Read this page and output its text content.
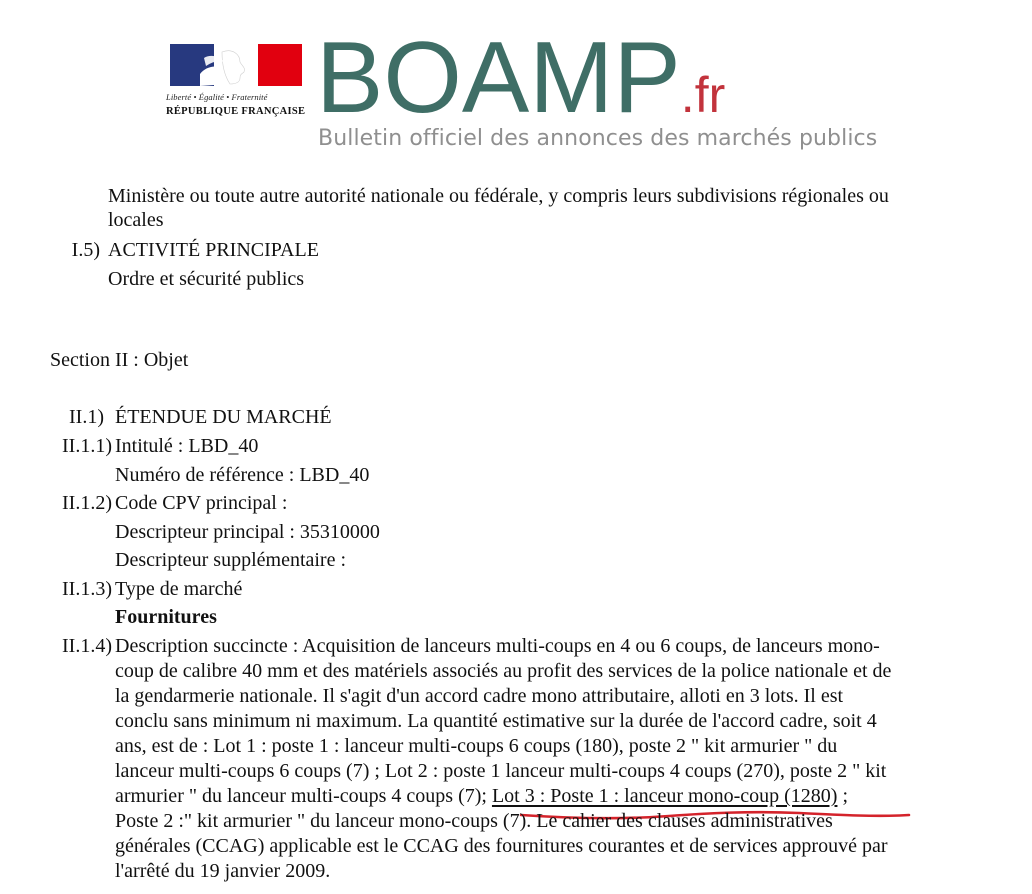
Liberté • Égalité • Fraternité
RÉPUBLIQUE FRANÇAISE BOAMP.fr
Bulletin officiel des annonces des marchés publics
Ministère ou toute autre autorité nationale ou fédérale, y compris leurs subdivisions régionales ou
locales
I.5) ACTIVITÉ PRINCIPALE
Ordre et sécurité publics
Section II : Objet
II.1) ÉTENDUE DU MARCHÉ
II.1.1) Intitulé : LBD_40
Numéro de référence : LBD_40
II.1.2) Code CPV principal :
Descripteur principal : 35310000
Descripteur supplémentaire :
II.1.3) Type de marché
Fournitures
II.1.4) Description succincte : Acquisition de lanceurs multi-coups en 4 ou 6 coups, de lanceurs mono-
coup de calibre 40 mm et des matériels associés au profit des services de la police nationale et de
la gendarmerie nationale. Il s'agit d'un accord cadre mono attributaire, alloti en 3 lots. Il est
conclu sans minimum ni maximum. La quantité estimative sur la durée de l'accord cadre, soit 4
ans, est de : Lot 1 : poste 1 : lanceur multi-coups 6 coups (180), poste 2 " kit armurier " du
lanceur multi-coups 6 coups (7) ; Lot 2 : poste 1 lanceur multi-coups 4 coups (270), poste 2 " kit
armurier " du lanceur multi-coups 4 coups (7); Lot 3 : Poste 1 : lanceur mono-coup (1280) ;
Poste 2 :" kit armurier " du lanceur mono-coups (7). Le cahier des clauses administratives
générales (CCAG) applicable est le CCAG des fournitures courantes et de services approuvé par
l'arrêté du 19 janvier 2009.
